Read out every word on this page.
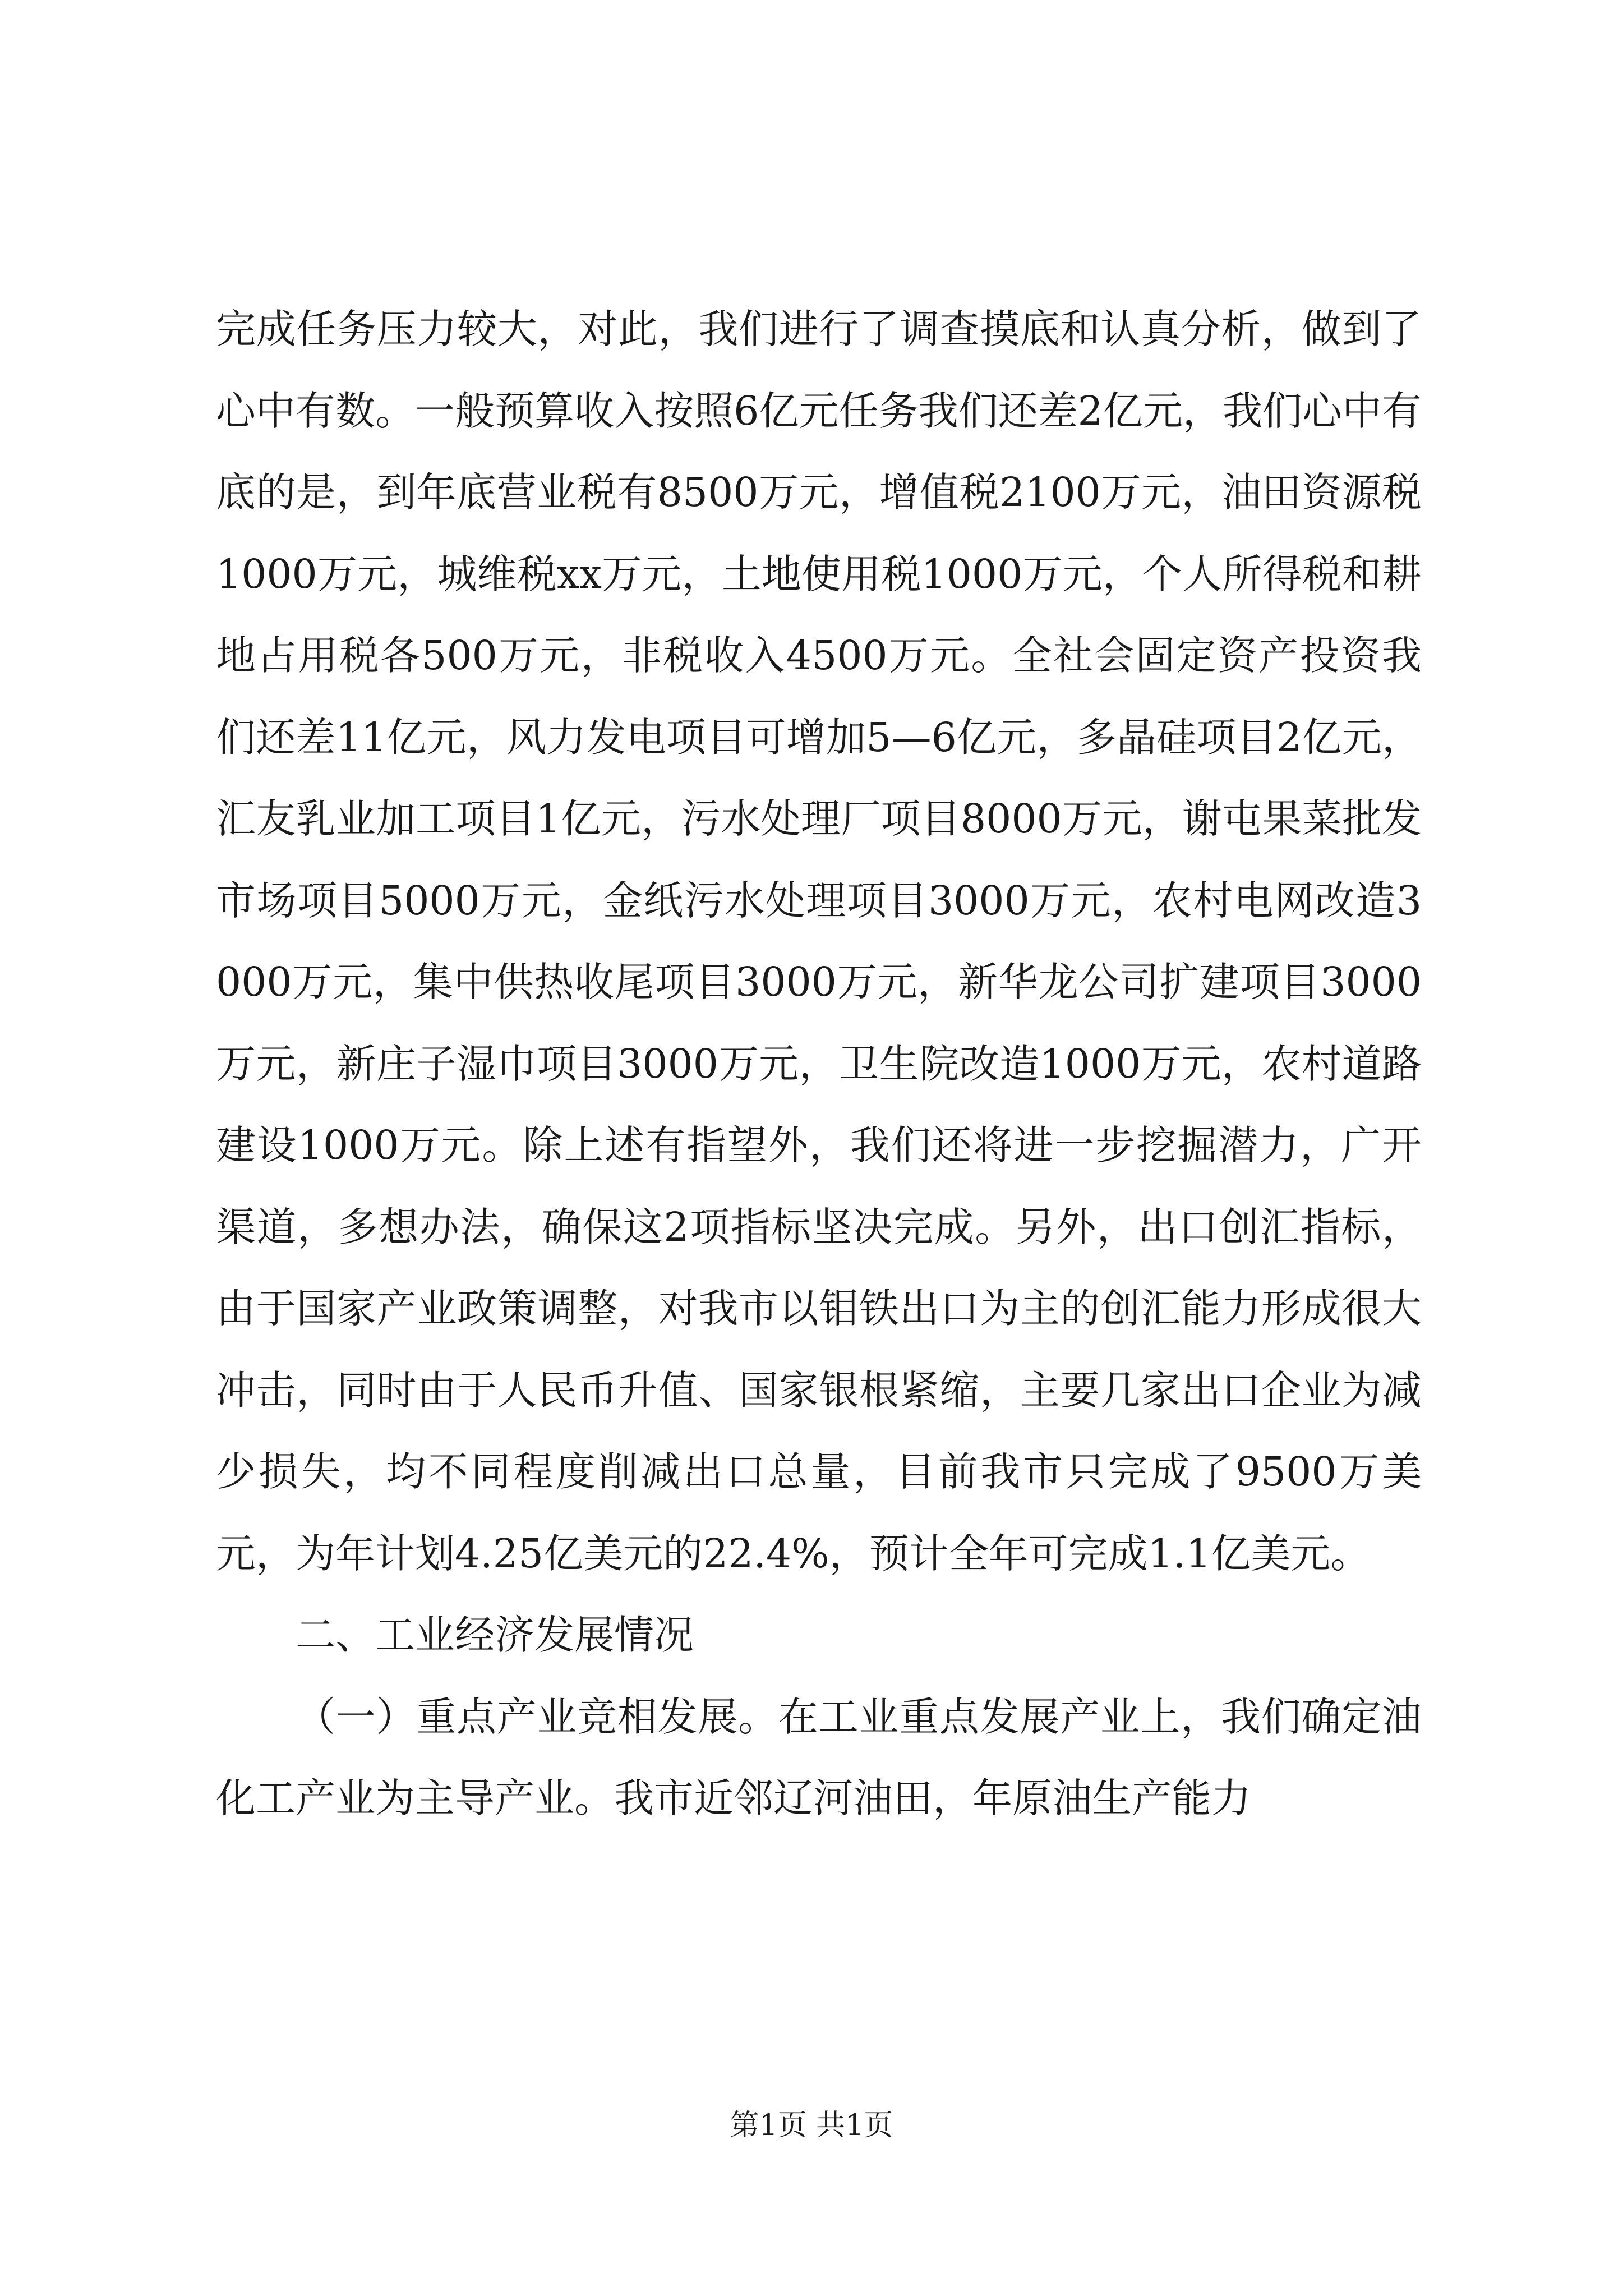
完成任务压力较大，对此，我们进行了调查摸底和认真分析，做到了心中有数。一般预算收入按照6亿元任务我们还差2亿元，我们心中有底的是，到年底营业税有8500万元，增值税2100万元，油田资源税1000万元，城维税xx万元，土地使用税1000万元，个人所得税和耕地占用税各500万元，非税收入4500万元。全社会固定资产投资我们还差11亿元，风力发电项目可增加5—6亿元，多晶硅项目2亿元，汇友乳业加工项目1亿元，污水处理厂项目8000万元，谢屯果菜批发市场项目5000万元，金纸污水处理项目3000万元，农村电网改造3000万元，集中供热收尾项目3000万元，新华龙公司扩建项目3000万元，新庄子湿巾项目3000万元，卫生院改造1000万元，农村道路建设1000万元。除上述有指望外，我们还将进一步挖掘潜力，广开渠道，多想办法，确保这2项指标坚决完成。另外，出口创汇指标，由于国家产业政策调整，对我市以钼铁出口为主的创汇能力形成很大冲击，同时由于人民币升值、国家银根紧缩，主要几家出口企业为减少损失，均不同程度削减出口总量，目前我市只完成了9500万美元，为年计划4.25亿美元的22.4%，预计全年可完成1.1亿美元。

二、工业经济发展情况

（一）重点产业竞相发展。在工业重点发展产业上，我们确定油化工产业为主导产业。我市近邻辽河油田，年原油生产能力

第1页 共1页
